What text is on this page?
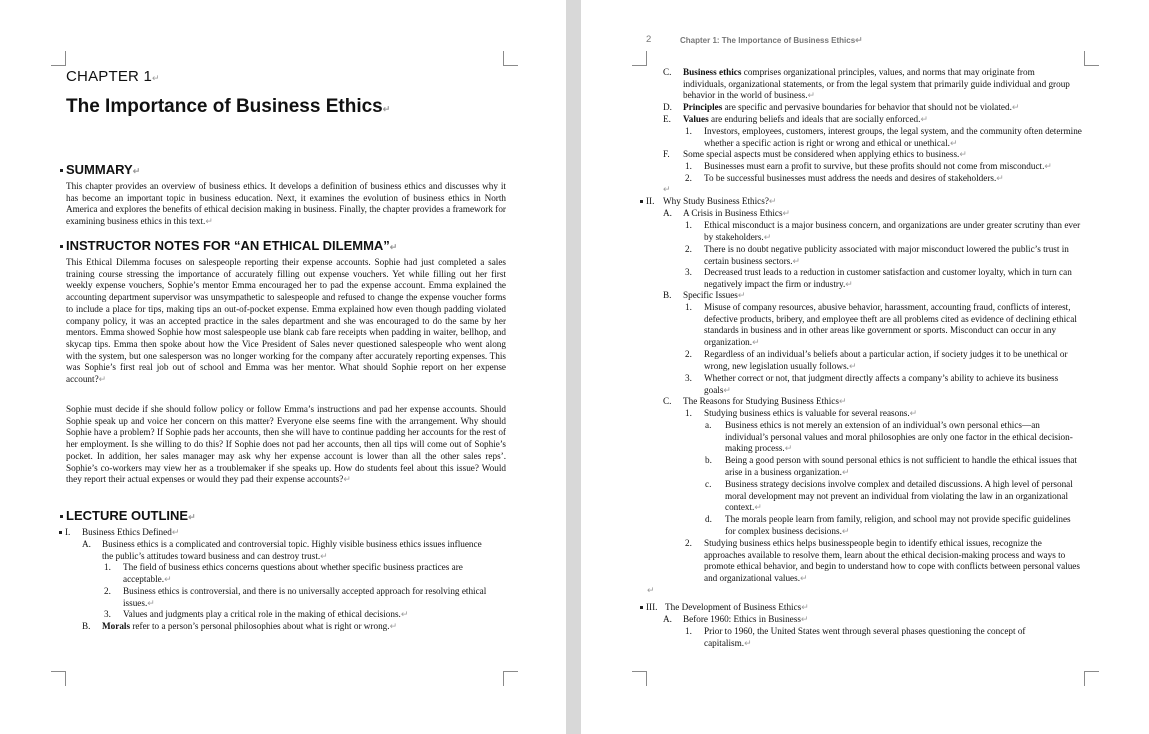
CHAPTER 1 ↵
The Importance of Business Ethics ↵
SUMMARY ↵
This chapter provides an overview of business ethics. It develops a definition of business ethics and discusses why it has become an important topic in business education. Next, it examines the evolution of business ethics in North America and explores the benefits of ethical decision making in business. Finally, the chapter provides a framework for examining business ethics in this text. ↵
INSTRUCTOR NOTES FOR “AN ETHICAL DILEMMA” ↵
This Ethical Dilemma focuses on salespeople reporting their expense accounts. Sophie had just completed a sales training course stressing the importance of accurately filling out expense vouchers. Yet while filling out her first weekly expense vouchers, Sophie’s mentor Emma encouraged her to pad the expense account. Emma explained the accounting department supervisor was unsympathetic to salespeople and refused to change the expense voucher forms to include a place for tips, making tips an out-of-pocket expense. Emma explained how even though padding violated company policy, it was an accepted practice in the sales department and she was encouraged to do the same by her mentors. Emma showed Sophie how most salespeople use blank cab fare receipts when padding in waiter, bellhop, and skycap tips. Emma then spoke about how the Vice President of Sales never questioned salespeople who went along with the system, but one salesperson was no longer working for the company after accurately reporting expenses. This was Sophie’s first real job out of school and Emma was her mentor. What should Sophie report on her expense account? ↵
Sophie must decide if she should follow policy or follow Emma’s instructions and pad her expense accounts. Should Sophie speak up and voice her concern on this matter? Everyone else seems fine with the arrangement. Why should Sophie have a problem? If Sophie pads her accounts, then she will have to continue padding her accounts for the rest of her employment. Is she willing to do this? If Sophie does not pad her accounts, then all tips will come out of Sophie’s pocket. In addition, her sales manager may ask why her expense account is lower than all the other sales reps’. Sophie’s co-workers may view her as a troublemaker if she speaks up. How do students feel about this issue? Would they report their actual expenses or would they pad their expense accounts? ↵
LECTURE OUTLINE ↵
I. Business Ethics Defined ↵
A. Business ethics is a complicated and controversial topic. Highly visible business ethics issues influence the public’s attitudes toward business and can destroy trust. ↵
1. The field of business ethics concerns questions about whether specific business practices are acceptable. ↵
2. Business ethics is controversial, and there is no universally accepted approach for resolving ethical issues. ↵
3. Values and judgments play a critical role in the making of ethical decisions. ↵
B. Morals refer to a person’s personal philosophies about what is right or wrong. ↵
2	Chapter 1: The Importance of Business Ethics ↵
C. Business ethics comprises organizational principles, values, and norms that may originate from individuals, organizational statements, or from the legal system that primarily guide individual and group behavior in the world of business. ↵
D. Principles are specific and pervasive boundaries for behavior that should not be violated. ↵
E. Values are enduring beliefs and ideals that are socially enforced. ↵
1. Investors, employees, customers, interest groups, the legal system, and the community often determine whether a specific action is right or wrong and ethical or unethical. ↵
F. Some special aspects must be considered when applying ethics to business. ↵
1. Businesses must earn a profit to survive, but these profits should not come from misconduct. ↵
2. To be successful businesses must address the needs and desires of stakeholders. ↵
↵
II. Why Study Business Ethics? ↵
A. A Crisis in Business Ethics ↵
1. Ethical misconduct is a major business concern, and organizations are under greater scrutiny than ever by stakeholders. ↵
2. There is no doubt negative publicity associated with major misconduct lowered the public’s trust in certain business sectors. ↵
3. Decreased trust leads to a reduction in customer satisfaction and customer loyalty, which in turn can negatively impact the firm or industry. ↵
B. Specific Issues ↵
1. Misuse of company resources, abusive behavior, harassment, accounting fraud, conflicts of interest, defective products, bribery, and employee theft are all problems cited as evidence of declining ethical standards in business and in other areas like government or sports. Misconduct can occur in any organization. ↵
2. Regardless of an individual’s beliefs about a particular action, if society judges it to be unethical or wrong, new legislation usually follows. ↵
3. Whether correct or not, that judgment directly affects a company’s ability to achieve its business goals ↵
C. The Reasons for Studying Business Ethics ↵
1. Studying business ethics is valuable for several reasons. ↵
a. Business ethics is not merely an extension of an individual’s own personal ethics—an individual’s personal values and moral philosophies are only one factor in the ethical decision-making process. ↵
b. Being a good person with sound personal ethics is not sufficient to handle the ethical issues that arise in a business organization. ↵
c. Business strategy decisions involve complex and detailed discussions. A high level of personal moral development may not prevent an individual from violating the law in an organizational context. ↵
d. The morals people learn from family, religion, and school may not provide specific guidelines for complex business decisions. ↵
2. Studying business ethics helps businesspeople begin to identify ethical issues, recognize the approaches available to resolve them, learn about the ethical decision-making process and ways to promote ethical behavior, and begin to understand how to cope with conflicts between personal values and organizational values. ↵
↵
III. The Development of Business Ethics ↵
A. Before 1960: Ethics in Business ↵
1. Prior to 1960, the United States went through several phases questioning the concept of capitalism. ↵
